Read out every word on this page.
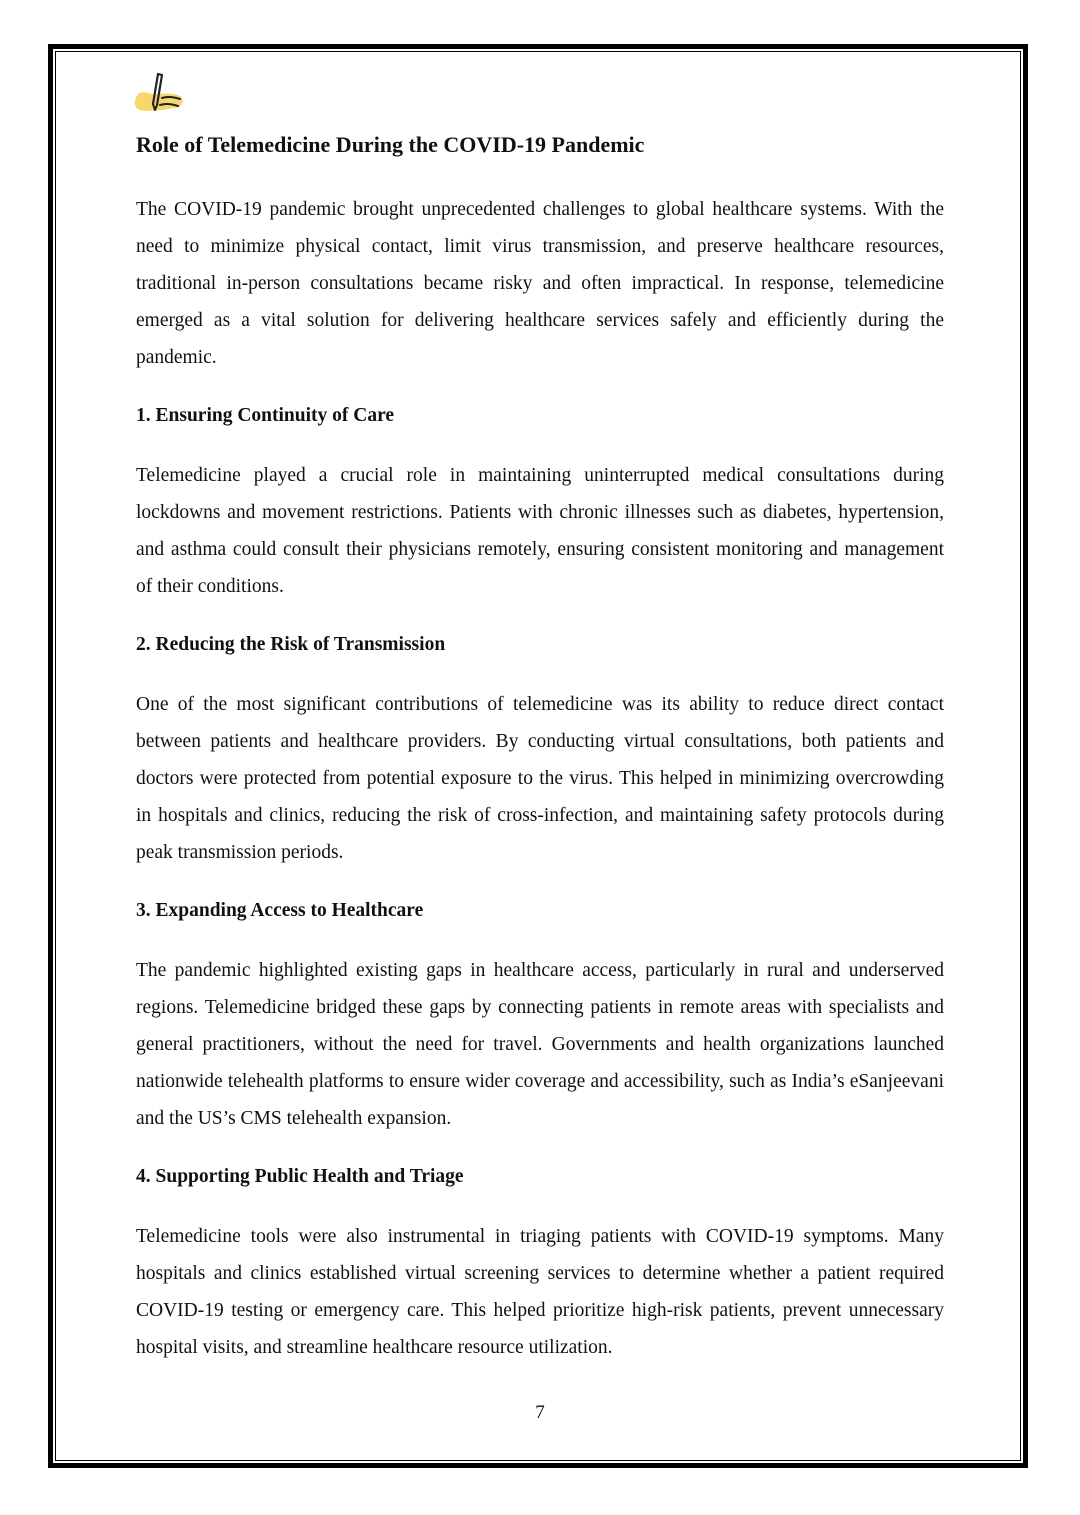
Role of Telemedicine During the COVID-19 Pandemic

The COVID-19 pandemic brought unprecedented challenges to global healthcare systems. With the need to minimize physical contact, limit virus transmission, and preserve healthcare resources, traditional in-person consultations became risky and often impractical. In response, telemedicine emerged as a vital solution for delivering healthcare services safely and efficiently during the pandemic.

1. Ensuring Continuity of Care

Telemedicine played a crucial role in maintaining uninterrupted medical consultations during lockdowns and movement restrictions. Patients with chronic illnesses such as diabetes, hypertension, and asthma could consult their physicians remotely, ensuring consistent monitoring and management of their conditions.

2. Reducing the Risk of Transmission

One of the most significant contributions of telemedicine was its ability to reduce direct contact between patients and healthcare providers. By conducting virtual consultations, both patients and doctors were protected from potential exposure to the virus. This helped in minimizing overcrowding in hospitals and clinics, reducing the risk of cross-infection, and maintaining safety protocols during peak transmission periods.

3. Expanding Access to Healthcare

The pandemic highlighted existing gaps in healthcare access, particularly in rural and underserved regions. Telemedicine bridged these gaps by connecting patients in remote areas with specialists and general practitioners, without the need for travel. Governments and health organizations launched nationwide telehealth platforms to ensure wider coverage and accessibility, such as India’s eSanjeevani and the US’s CMS telehealth expansion.

4. Supporting Public Health and Triage

Telemedicine tools were also instrumental in triaging patients with COVID-19 symptoms. Many hospitals and clinics established virtual screening services to determine whether a patient required COVID-19 testing or emergency care. This helped prioritize high-risk patients, prevent unnecessary hospital visits, and streamline healthcare resource utilization.

7
